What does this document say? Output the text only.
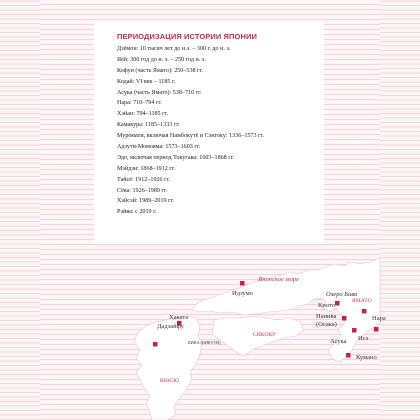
ПЕРИОДИЗАЦИЯ ИСТОРИИ ЯПОНИИ
Дзёмон: 10 тысяч лет до н.э. – 300 г. до н. э.
Яёй: 300 год до н. э. – 250 год н. э.
Кофун (часть Ямато): 250–538 гг.
Кодай: VI век – 1185 г.
Асука (часть Ямато): 538–710 гг.
Нара: 710–794 гг.
Хэйан: 794–1185 гг.
Камакура: 1185–1333 гг.
Муромати, включая Намбокутё и Сэнгоку: 1336–1573 гг.
Адзути-Момояма: 1573–1603 гг.
Эдо, включая период Токугава: 1603–1868 гг.
Мэйдзи: 1868–1912 гг.
Тайсё: 1912–1926 гг.
Сёва: 1926–1989 гг.
Хэйсэй: 1989–2019 гг.
Рэйва: с 2019 г.
КЮСЮ
СИКОКУ
ЯМАТО
КИКА (КИКУТИ)
Японское море
Озеро Бива
Идзумо
Киото
Нанива
(Осака)
Нара
Асука Исэ
Кумано
Хаката
Дадзайфу
